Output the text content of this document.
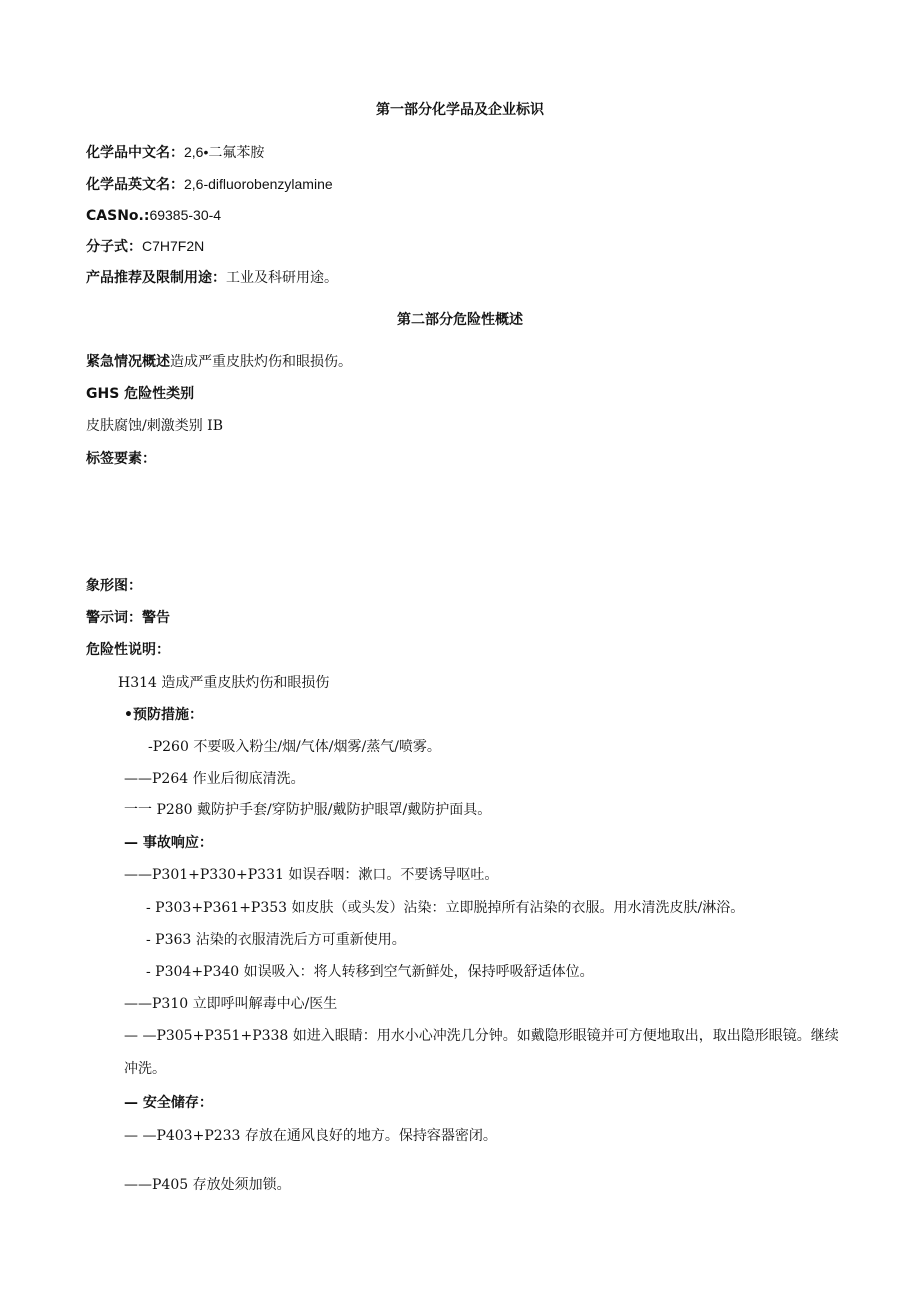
第一部分化学品及企业标识
化学品中文名：2,6•二氟苯胺
化学品英文名：2,6-difluorobenzylamine
CASNo.:69385-30-4
分子式：C7H7F2N
产品推荐及限制用途：工业及科研用途。
第二部分危险性概述
紧急情况概述造成严重皮肤灼伤和眼损伤。
GHS 危险性类别
皮肤腐蚀/刺激类别 IB
标签要素：
象形图：
警示词：警告
危险性说明：
H314 造成严重皮肤灼伤和眼损伤
•预防措施：
-P260 不要吸入粉尘/烟/气体/烟雾/蒸气/喷雾。
——P264 作业后彻底清洗。
一一 P280 戴防护手套/穿防护服/戴防护眼罩/戴防护面具。
— 事故响应：
——P301+P330+P331 如误吞咽：漱口。不要诱导呕吐。
- P303+P361+P353 如皮肤（或头发）沾染：立即脱掉所有沾染的衣服。用水清洗皮肤/淋浴。
- P363 沾染的衣服清洗后方可重新使用。
- P304+P340 如误吸入：将人转移到空气新鲜处，保持呼吸舒适体位。
——P310 立即呼叫解毒中心/医生
— —P305+P351+P338 如进入眼睛：用水小心冲洗几分钟。如戴隐形眼镜并可方便地取出，取出隐形眼镜。继续冲洗。
— 安全储存：
— —P403+P233 存放在通风良好的地方。保持容器密闭。
——P405 存放处须加锁。
